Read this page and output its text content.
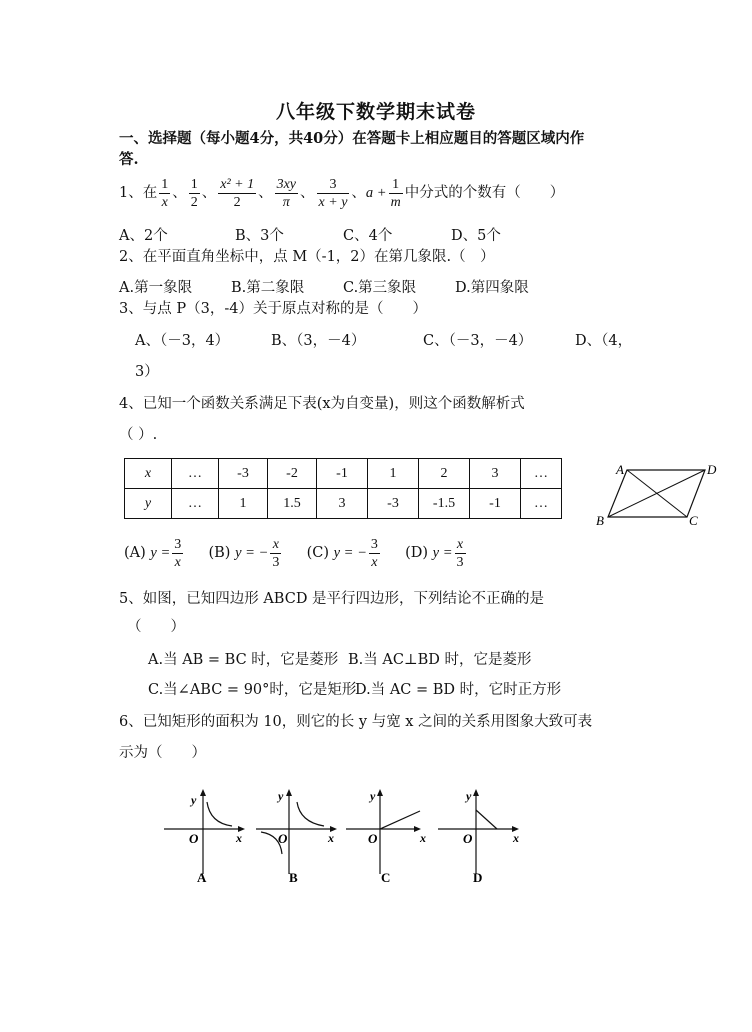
八年级下数学期末试卷
一、选择题（每小题4分，共40分）在答题卡上相应题目的答题区域内作
答.
1、在 $\frac{1}{x}$ 、 $\frac{1}{2}$ 、 $\frac{\text{x² + 1}}{2}$ 、 $\frac{3xy}{\pi}$ 、 $\frac{3}{x + y}$ 、$a + \frac{1}{m}$ 中分式的个数有（　　）
A、2个	B、3个	C、4个	D、5个
2、在平面直角坐标中，点 M（-1，2）在第几象限.（　）
A.第一象限	B.第二象限	C.第三象限	D.第四象限
3、与点 P（3，-4）关于原点对称的是（　　）
A、（－3，4）	B、（3，－4）	C、（－3，－4）	D、（4，
3）
4、已知一个函数关系满足下表(x为自变量)，则这个函数解析式
（ ）.
x	…	-3	-2	-1	1	2	3	…
y	…	1	1.5	3	-3	-1.5	-1	…
A	D
B	C
(A) $y = \frac{3}{x} (B) y$ = − $\frac{x}{3} (C) y$ = − $\frac{3}{x} (D) y = \frac{x}{3}$
5、如图，已知四边形 ABCD 是平行四边形，下列结论不正确的是
（　　）
A.当 AB = BC 时，它是菱形 B.当 AC⊥BD 时，它是菱形
C.当∠ABC = 90°时，它是矩形
D.当 AC = BD 时，它时正方形
6、已知矩形的面积为 10，则它的长 y 与宽 x 之间的关系用图象大致可表
示为（　　）
y
x
O
A
y
x
O
B
y
x
O
C
y
x
O
D
